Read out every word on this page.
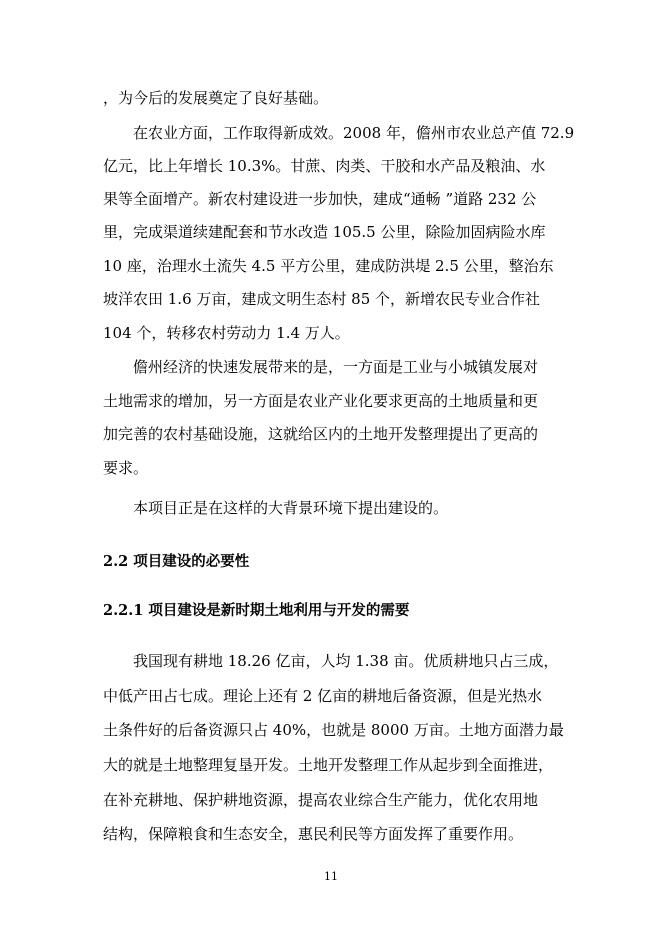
，为今后的发展奠定了良好基础。
在农业方面，工作取得新成效。2008 年，儋州市农业总产值 72.9
亿元，比上年增长 10.3%。甘蔗、肉类、干胶和水产品及粮油、水
果等全面增产。新农村建设进一步加快，建成“通畅 ”道路 232 公
里，完成渠道续建配套和节水改造 105.5 公里，除险加固病险水库
10 座，治理水土流失 4.5 平方公里，建成防洪堤 2.5 公里，整治东
坡洋农田 1.6 万亩，建成文明生态村 85 个，新增农民专业合作社
104 个，转移农村劳动力 1.4 万人。
儋州经济的快速发展带来的是，一方面是工业与小城镇发展对
土地需求的增加，另一方面是农业产业化要求更高的土地质量和更
加完善的农村基础设施，这就给区内的土地开发整理提出了更高的
要求。
本项目正是在这样的大背景环境下提出建设的。
2.2 项目建设的必要性
2.2.1 项目建设是新时期土地利用与开发的需要
我国现有耕地 18.26 亿亩，人均 1.38 亩。优质耕地只占三成，
中低产田占七成。理论上还有 2 亿亩的耕地后备资源，但是光热水
土条件好的后备资源只占 40%，也就是 8000 万亩。土地方面潜力最
大的就是土地整理复垦开发。土地开发整理工作从起步到全面推进，
在补充耕地、保护耕地资源，提高农业综合生产能力，优化农用地
结构，保障粮食和生态安全，惠民利民等方面发挥了重要作用。
11
